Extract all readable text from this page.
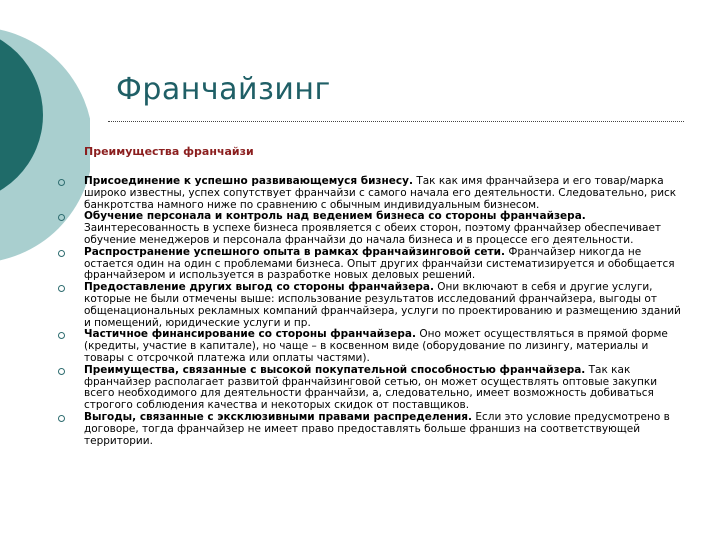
Франчайзинг
Преимущества франчайзи
Присоединение к успешно развивающемуся бизнесу. Так как имя франчайзера и его товар/марка широко известны, успех сопутствует франчайзи с самого начала его деятельности. Следовательно, риск банкротства намного ниже по сравнению с обычным индивидуальным бизнесом.
Обучение персонала и контроль над ведением бизнеса со стороны франчайзера. Заинтересованность в успехе бизнеса проявляется с обеих сторон, поэтому франчайзер обеспечивает обучение менеджеров и персонала франчайзи до начала бизнеса и в процессе его деятельности.
Распространение успешного опыта в рамках франчайзинговой сети. Франчайзер никогда не остается один на один с проблемами бизнеса. Опыт других франчайзи систематизируется и обобщается франчайзером и используется в разработке новых деловых решений.
Предоставление других выгод со стороны франчайзера. Они включают в себя и другие услуги, которые не были отмечены выше: использование результатов исследований франчайзера, выгоды от общенациональных рекламных компаний франчайзера, услуги по проектированию и размещению зданий и помещений, юридические услуги и пр.
Частичное финансирование со стороны франчайзера. Оно может осуществляться в прямой форме (кредиты, участие в капитале), но чаще – в косвенном виде (оборудование по лизингу, материалы и товары с отсрочкой платежа или оплаты частями).
Преимущества, связанные с высокой покупательной способностью франчайзера. Так как франчайзер располагает развитой франчайзинговой сетью, он может осуществлять оптовые закупки всего необходимого для деятельности франчайзи, а, следовательно, имеет возможность добиваться строгого соблюдения качества и некоторых скидок от поставщиков.
Выгоды, связанные с эксклюзивными правами распределения. Если это условие предусмотрено в договоре, тогда франчайзер не имеет право предоставлять больше франшиз на соответствующей территории.
